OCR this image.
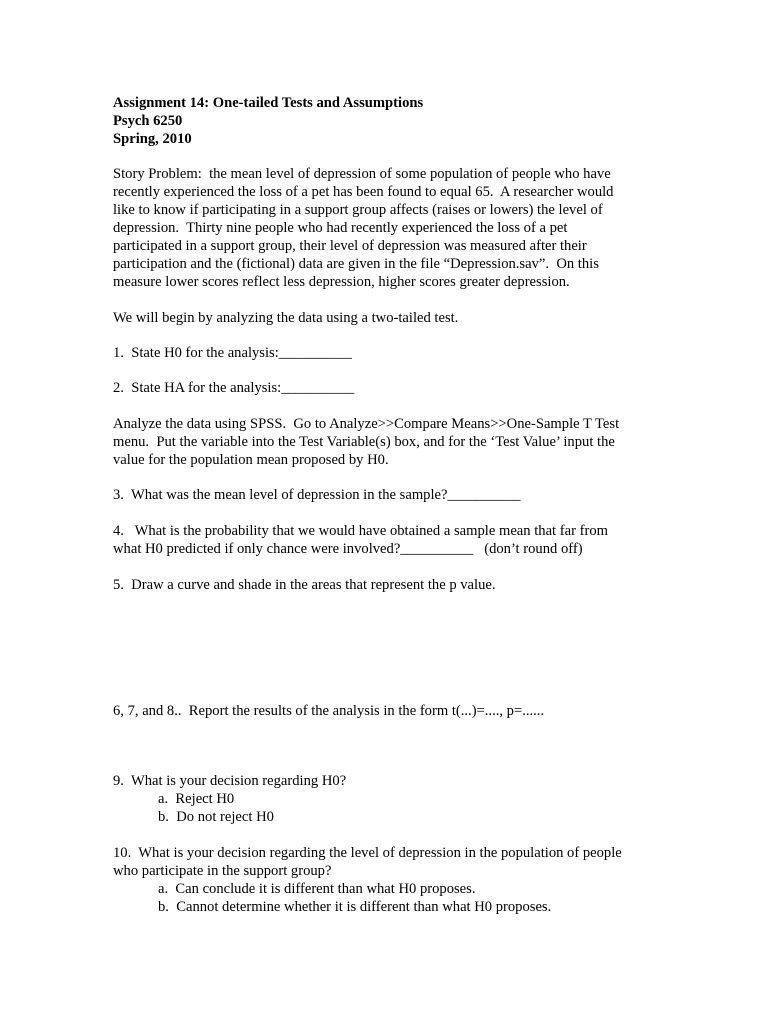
Assignment 14: One-tailed Tests and Assumptions
Psych 6250
Spring, 2010
Story Problem:  the mean level of depression of some population of people who have
recently experienced the loss of a pet has been found to equal 65.  A researcher would
like to know if participating in a support group affects (raises or lowers) the level of
depression.  Thirty nine people who had recently experienced the loss of a pet
participated in a support group, their level of depression was measured after their
participation and the (fictional) data are given in the file “Depression.sav”.  On this
measure lower scores reflect less depression, higher scores greater depression.
We will begin by analyzing the data using a two-tailed test.
1.  State H0 for the analysis:__________
2.  State HA for the analysis:__________
Analyze the data using SPSS.  Go to Analyze>>Compare Means>>One-Sample T Test
menu.  Put the variable into the Test Variable(s) box, and for the ‘Test Value’ input the
value for the population mean proposed by H0.
3.  What was the mean level of depression in the sample?__________
4.   What is the probability that we would have obtained a sample mean that far from
what H0 predicted if only chance were involved?__________   (don’t round off)
5.  Draw a curve and shade in the areas that represent the p value.
6, 7, and 8..  Report the results of the analysis in the form t(...)=...., p=......
9.  What is your decision regarding H0?
a.  Reject H0
b.  Do not reject H0
10.  What is your decision regarding the level of depression in the population of people
who participate in the support group?
a.  Can conclude it is different than what H0 proposes.
b.  Cannot determine whether it is different than what H0 proposes.
